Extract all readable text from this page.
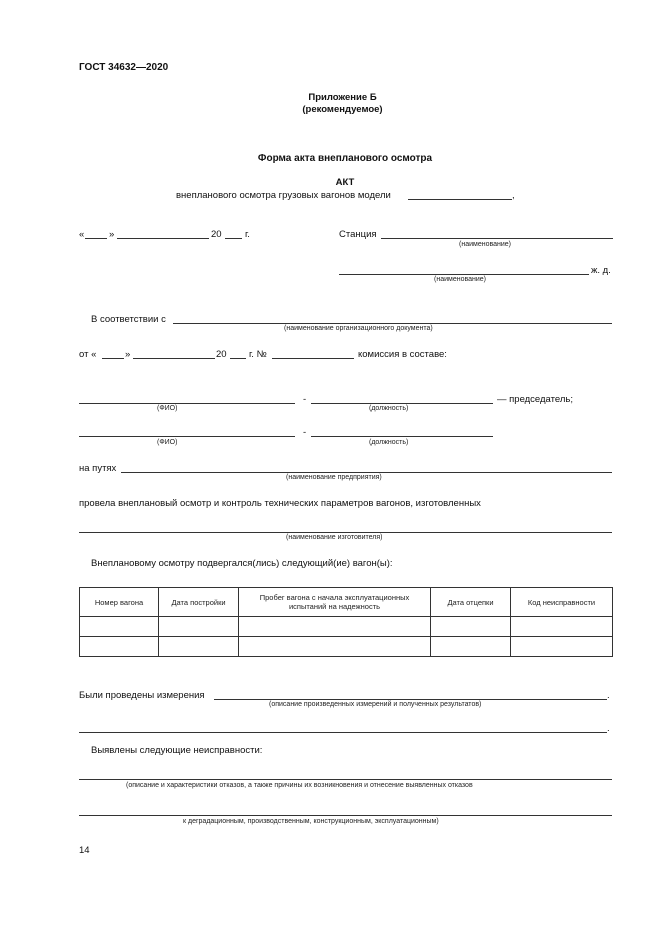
ГОСТ 34632—2020
Приложение Б
(рекомендуемое)
Форма акта внепланового осмотра
АКТ
внепланового осмотра грузовых вагонов модели	,
«	»	20 г.	Станция
(наименование)
ж. д.
(наименование)
В соответствии с
(наименование организационного документа)
от «	»	20 г. №	комиссия в составе:
-	— председатель;
(ФИО)	(должность)
-
(ФИО)	(должность)
на путях
(наименование предприятия)
провела внеплановый осмотр и контроль технических параметров вагонов, изготовленных
(наименование изготовителя)
Внеплановому осмотру подвергался(лись) следующий(ие) вагон(ы):
Номер вагона	Дата постройки	Пробег вагона с начала эксплуатационных испытаний на надежность	Дата отцепки	Код неисправности

Были проведены измерения	.
(описание произведенных измерений и полученных результатов)
.
Выявлены следующие неисправности:
(описание и характеристики отказов, а также причины их возникновения и отнесение выявленных отказов
к деградационным, производственным, конструкционным, эксплуатационным)
14
